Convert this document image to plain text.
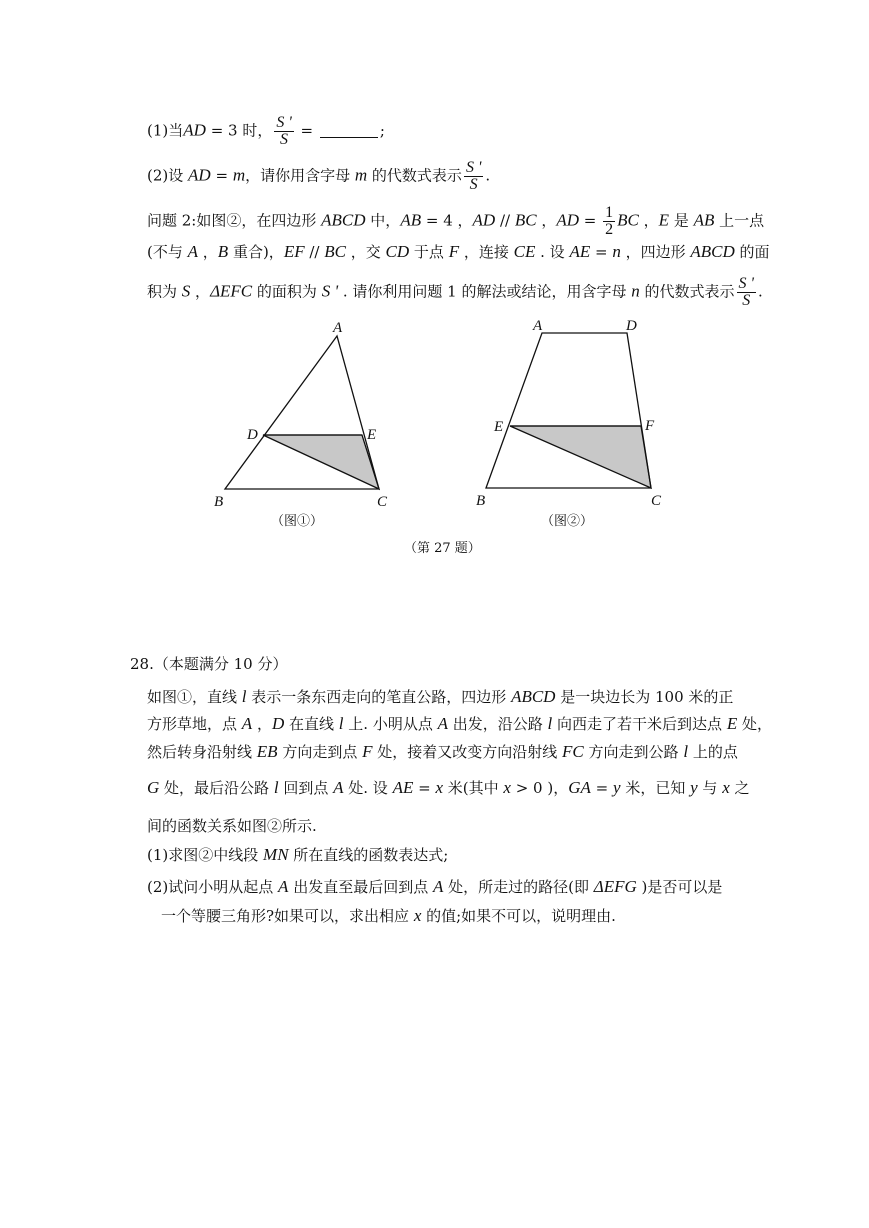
(1)当AD = 3 时， $\frac{S '}{S}$ =	;
(2)设 AD = m，请你用含字母 m 的代数式表示 $\frac{S '}{S}$ .
问题 2:如图②，在四边形 ABCD 中，AB = 4 ，AD // BC ，AD = $\frac{1}{2}$ BC ，E 是 AB 上一点
(不与 A ，B 重合)，EF // BC ，交 CD 于点 F ，连接 CE . 设 AE = n ，四边形 ABCD 的面
积为 S ，ΔEFC 的面积为 S ' . 请你利用问题 1 的解法或结论，用含字母 n 的代数式表示 $\frac{S '}{S}$ .
A
D	E
B	C
（图①）
A	D
E	F
B	C
（图②）
（第 27 题）
28.（本题满分 10 分）
如图①，直线 l 表示一条东西走向的笔直公路，四边形 ABCD 是一块边长为 100 米的正
方形草地，点 A ，D 在直线 l 上. 小明从点 A 出发，沿公路 l 向西走了若干米后到达点 E 处，
然后转身沿射线 EB 方向走到点 F 处，接着又改变方向沿射线 FC 方向走到公路 l 上的点
G 处，最后沿公路 l 回到点 A 处. 设 AE = x 米(其中 x > 0 )，GA = y 米，已知 y 与 x 之
间的函数关系如图②所示.
(1)求图②中线段 MN 所在直线的函数表达式;
(2)试问小明从起点 A 出发直至最后回到点 A 处，所走过的路径(即 ΔEFG )是否可以是
一个等腰三角形?如果可以，求出相应 x 的值;如果不可以，说明理由.
